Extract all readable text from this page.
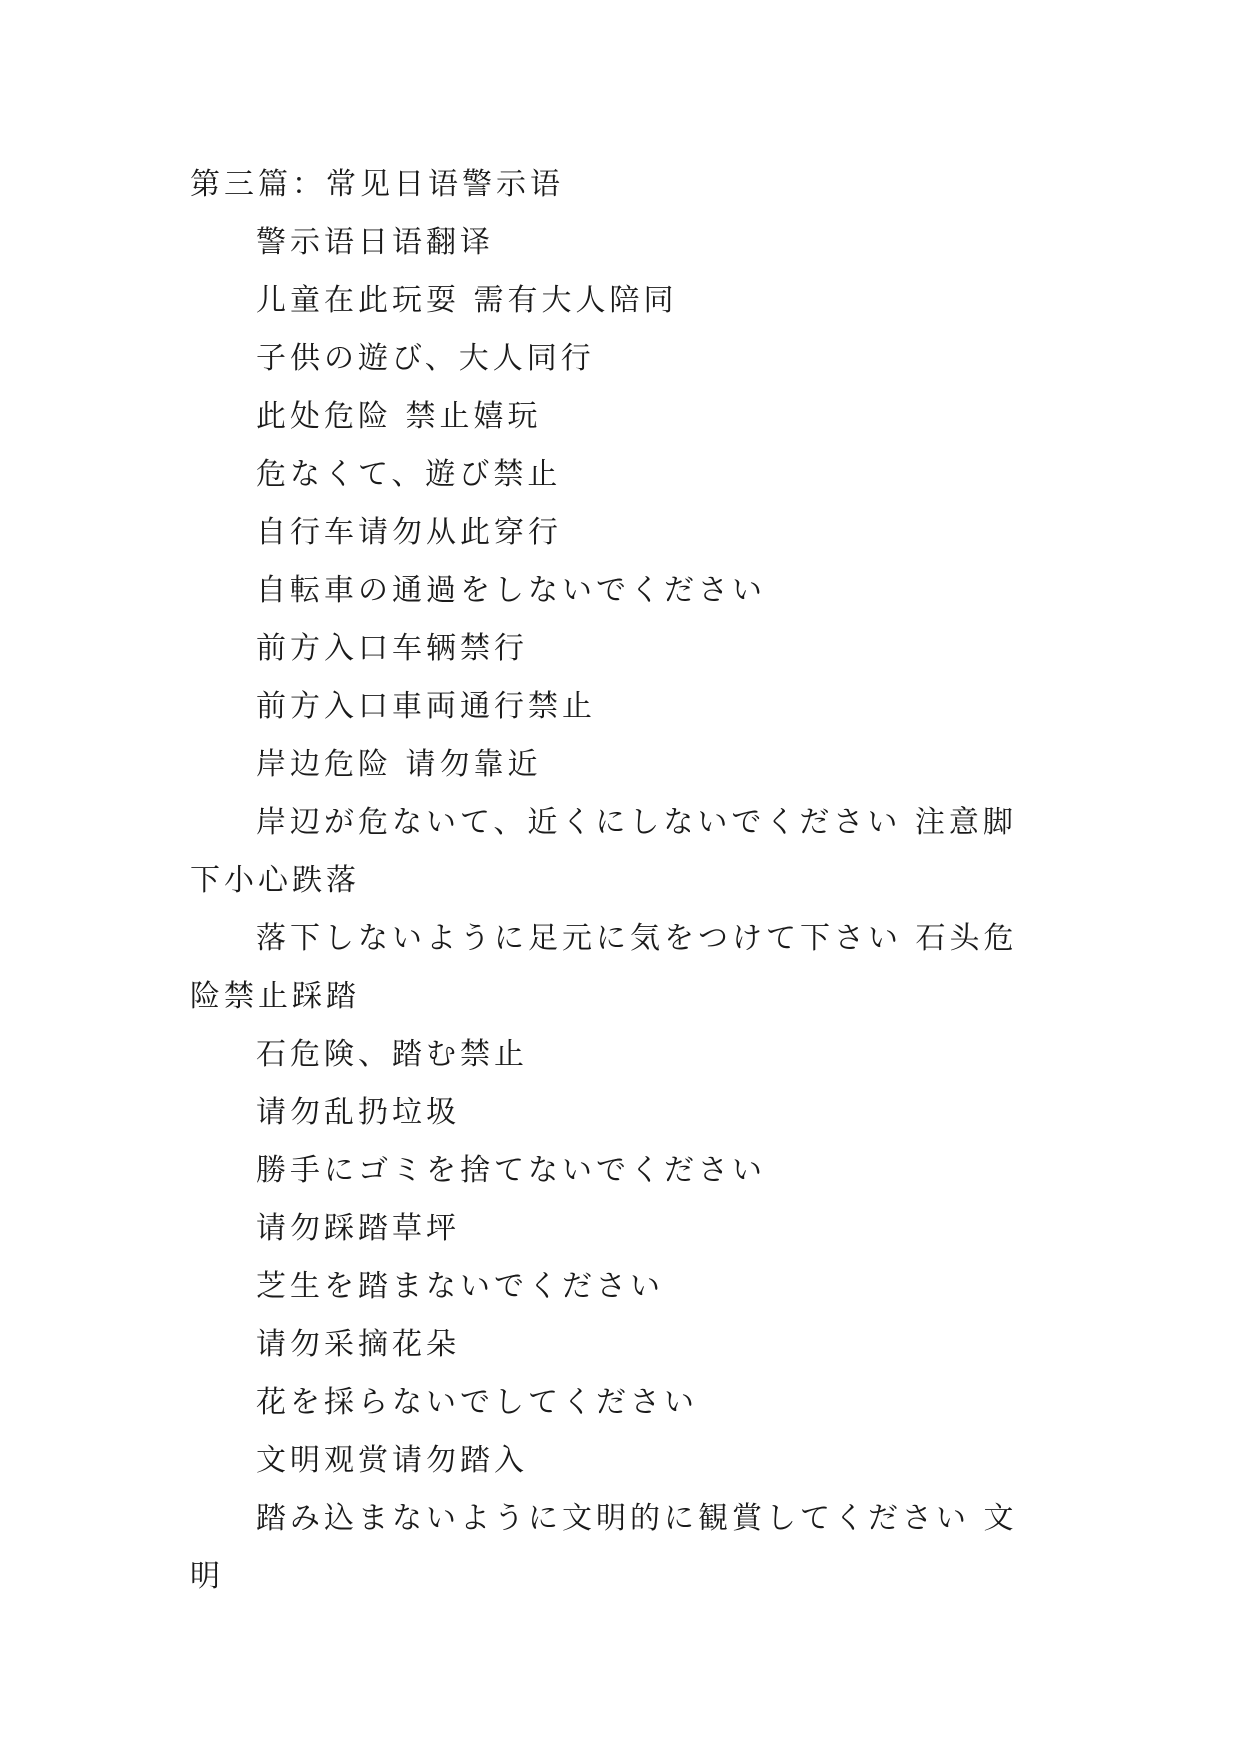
第三篇：常见日语警示语

警示语日语翻译

儿童在此玩耍 需有大人陪同

子供の遊び、大人同行

此处危险 禁止嬉玩

危なくて、遊び禁止

自行车请勿从此穿行

自転車の通過をしないでください

前方入口车辆禁行

前方入口車両通行禁止

岸边危险 请勿靠近

岸辺が危ないて、近くにしないでください 注意脚下小心跌落

落下しないように足元に気をつけて下さい 石头危险禁止踩踏

石危険、踏む禁止

请勿乱扔垃圾

勝手にゴミを捨てないでください

请勿踩踏草坪

芝生を踏まないでください

请勿采摘花朵

花を採らないでしてください

文明观赏请勿踏入

踏み込まないように文明的に観賞してください 文明
